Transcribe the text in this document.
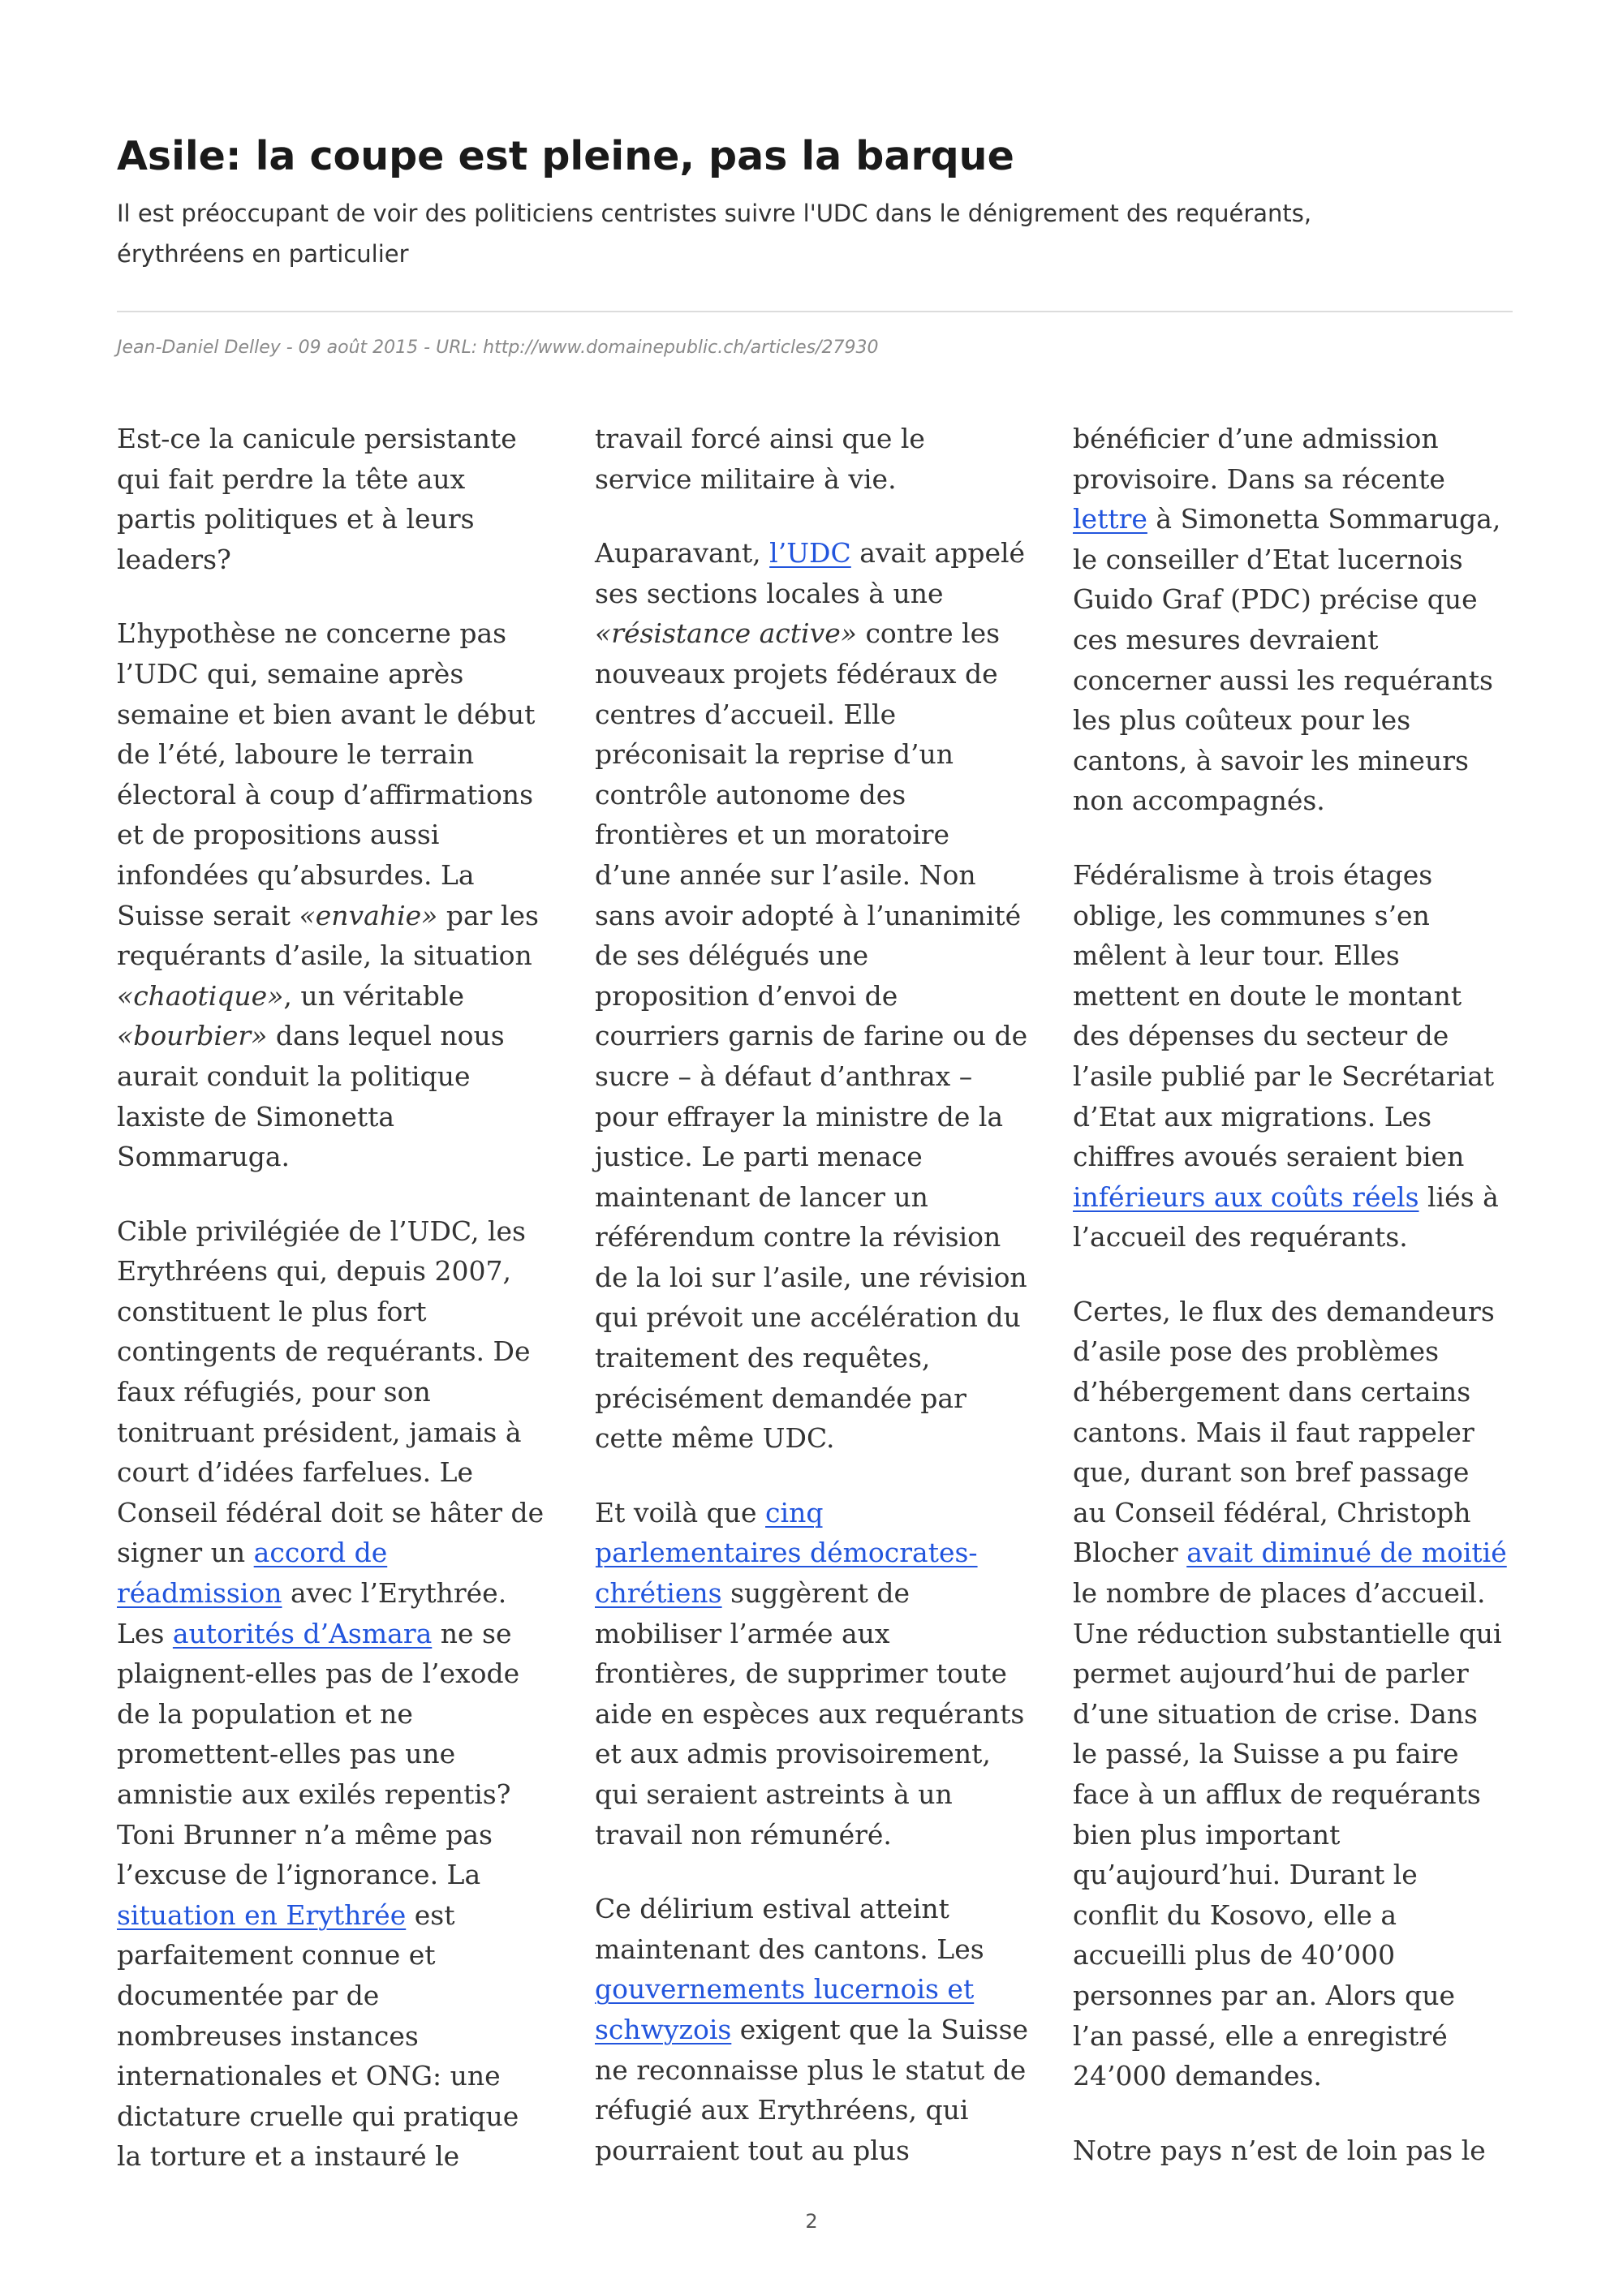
Asile: la coupe est pleine, pas la barque
Il est préoccupant de voir des politiciens centristes suivre l'UDC dans le dénigrement des requérants,
érythréens en particulier
Jean-Daniel Delley - 09 août 2015 - URL: http://www.domainepublic.ch/articles/27930

Est-ce la canicule persistante
qui fait perdre la tête aux
partis politiques et à leurs
leaders?

L’hypothèse ne concerne pas
l’UDC qui, semaine après
semaine et bien avant le début
de l’été, laboure le terrain
électoral à coup d’affirmations
et de propositions aussi
infondées qu’absurdes. La
Suisse serait «envahie» par les
requérants d’asile, la situation
«chaotique», un véritable
«bourbier» dans lequel nous
aurait conduit la politique
laxiste de Simonetta
Sommaruga.

Cible privilégiée de l’UDC, les
Erythréens qui, depuis 2007,
constituent le plus fort
contingents de requérants. De
faux réfugiés, pour son
tonitruant président, jamais à
court d’idées farfelues. Le
Conseil fédéral doit se hâter de
signer un accord de
réadmission avec l’Erythrée.
Les autorités d’Asmara ne se
plaignent-elles pas de l’exode
de la population et ne
promettent-elles pas une
amnistie aux exilés repentis?
Toni Brunner n’a même pas
l’excuse de l’ignorance. La
situation en Erythrée est
parfaitement connue et
documentée par de
nombreuses instances
internationales et ONG: une
dictature cruelle qui pratique
la torture et a instauré le

travail forcé ainsi que le
service militaire à vie.

Auparavant, l’UDC avait appelé
ses sections locales à une
«résistance active» contre les
nouveaux projets fédéraux de
centres d’accueil. Elle
préconisait la reprise d’un
contrôle autonome des
frontières et un moratoire
d’une année sur l’asile. Non
sans avoir adopté à l’unanimité
de ses délégués une
proposition d’envoi de
courriers garnis de farine ou de
sucre – à défaut d’anthrax –
pour effrayer la ministre de la
justice. Le parti menace
maintenant de lancer un
référendum contre la révision
de la loi sur l’asile, une révision
qui prévoit une accélération du
traitement des requêtes,
précisément demandée par
cette même UDC.

Et voilà que cinq
parlementaires démocrates-
chrétiens suggèrent de
mobiliser l’armée aux
frontières, de supprimer toute
aide en espèces aux requérants
et aux admis provisoirement,
qui seraient astreints à un
travail non rémunéré.

Ce délirium estival atteint
maintenant des cantons. Les
gouvernements lucernois et
schwyzois exigent que la Suisse
ne reconnaisse plus le statut de
réfugié aux Erythréens, qui
pourraient tout au plus

bénéficier d’une admission
provisoire. Dans sa récente
lettre à Simonetta Sommaruga,
le conseiller d’Etat lucernois
Guido Graf (PDC) précise que
ces mesures devraient
concerner aussi les requérants
les plus coûteux pour les
cantons, à savoir les mineurs
non accompagnés.

Fédéralisme à trois étages
oblige, les communes s’en
mêlent à leur tour. Elles
mettent en doute le montant
des dépenses du secteur de
l’asile publié par le Secrétariat
d’Etat aux migrations. Les
chiffres avoués seraient bien
inférieurs aux coûts réels liés à
l’accueil des requérants.

Certes, le flux des demandeurs
d’asile pose des problèmes
d’hébergement dans certains
cantons. Mais il faut rappeler
que, durant son bref passage
au Conseil fédéral, Christoph
Blocher avait diminué de moitié
le nombre de places d’accueil.
Une réduction substantielle qui
permet aujourd’hui de parler
d’une situation de crise. Dans
le passé, la Suisse a pu faire
face à un afflux de requérants
bien plus important
qu’aujourd’hui. Durant le
conflit du Kosovo, elle a
accueilli plus de 40’000
personnes par an. Alors que
l’an passé, elle a enregistré
24’000 demandes.

Notre pays n’est de loin pas le

2
